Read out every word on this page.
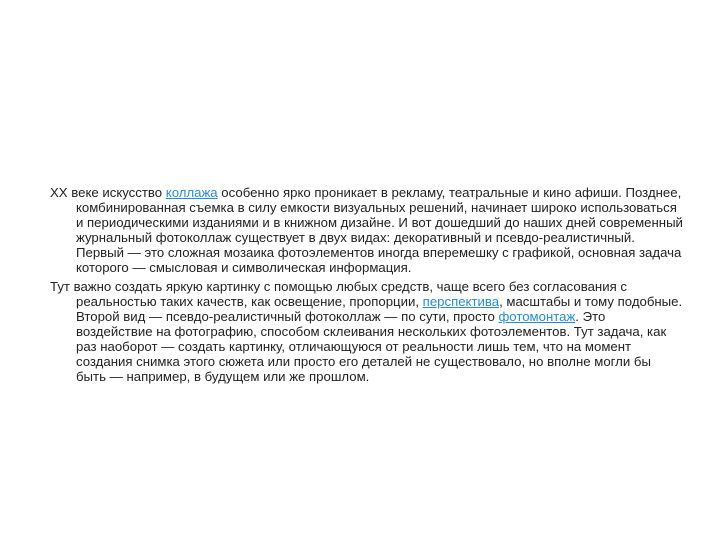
XX веке искусство коллажа особенно ярко проникает в рекламу, театральные и кино афиши. Позднее, комбинированная съемка в силу емкости визуальных решений, начинает широко использоваться и периодическими изданиями и в книжном дизайне. И вот дошедший до наших дней современный журнальный фотоколлаж существует в двух видах: декоративный и псевдо-реалистичный. Первый — это сложная мозаика фотоэлементов иногда вперемешку с графикой, основная задача которого — смысловая и символическая информация.

Тут важно создать яркую картинку с помощью любых средств, чаще всего без согласования с реальностью таких качеств, как освещение, пропорции, перспектива, масштабы и тому подобные. Второй вид — псевдо-реалистичный фотоколлаж — по сути, просто фотомонтаж. Это воздействие на фотографию, способом склеивания нескольких фотоэлементов. Тут задача, как раз наоборот — создать картинку, отличающуюся от реальности лишь тем, что на момент создания снимка этого сюжета или просто его деталей не существовало, но вполне могли бы быть — например, в будущем или же прошлом.
